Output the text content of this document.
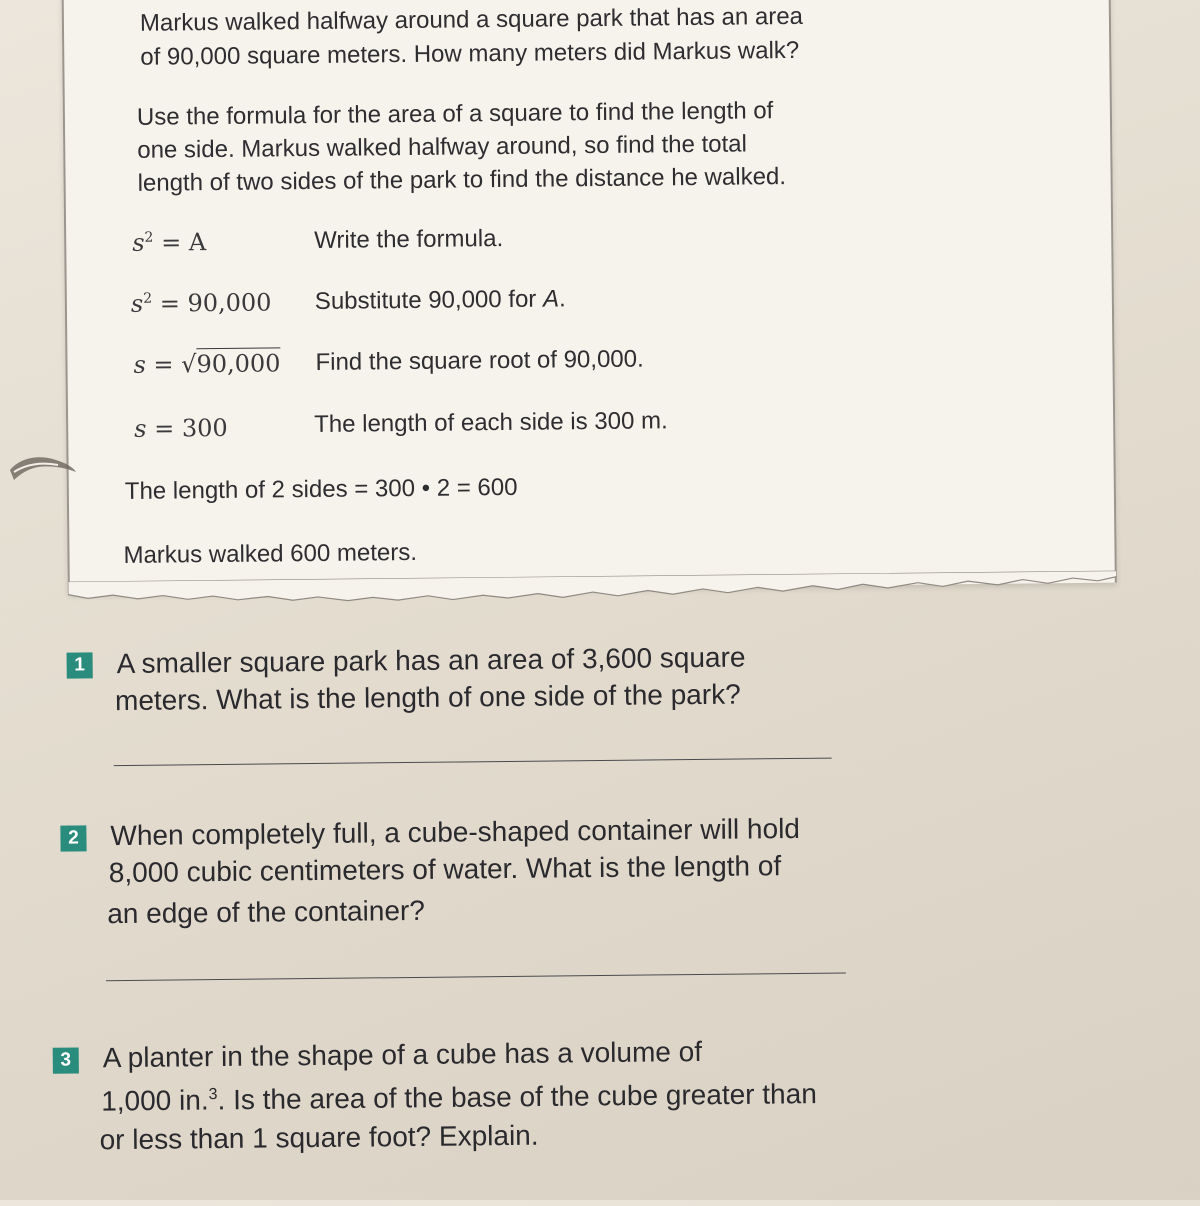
Markus walked halfway around a square park that has an area
of 90,000 square meters. How many meters did Markus walk?
Use the formula for the area of a square to find the length of
one side. Markus walked halfway around, so find the total
length of two sides of the park to find the distance he walked.
$s^2 = A$	Write the formula.
$s^2 = 90,000$ Substitute 90,000 for A.
s = √90,000 Find the square root of 90,000.
s = 300	The length of each side is 300 m.
The length of 2 sides = 300 • 2 = 600
Markus walked 600 meters.
1 A smaller square park has an area of 3,600 square
meters. What is the length of one side of the park?
2 When completely full, a cube-shaped container will hold
8,000 cubic centimeters of water. What is the length of
an edge of the container?
3 A planter in the shape of a cube has a volume of
1,000 in.$^3$. Is the area of the base of the cube greater than
or less than 1 square foot? Explain.
